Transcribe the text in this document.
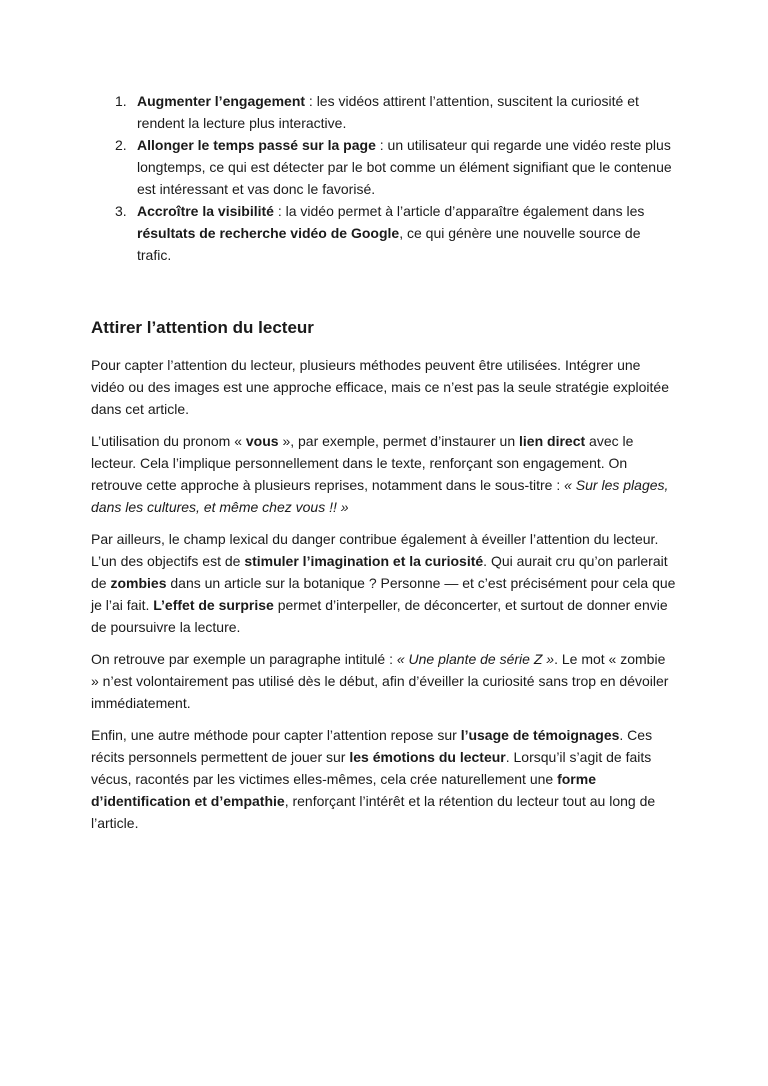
1. Augmenter l’engagement : les vidéos attirent l’attention, suscitent la curiosité et rendent la lecture plus interactive.
2. Allonger le temps passé sur la page : un utilisateur qui regarde une vidéo reste plus longtemps, ce qui est détecter par le bot comme un élément signifiant que le contenue est intéressant et vas donc le favorisé.
3. Accroître la visibilité : la vidéo permet à l’article d’apparaître également dans les résultats de recherche vidéo de Google, ce qui génère une nouvelle source de trafic.
Attirer l’attention du lecteur

Pour capter l’attention du lecteur, plusieurs méthodes peuvent être utilisées. Intégrer une vidéo ou des images est une approche efficace, mais ce n’est pas la seule stratégie exploitée dans cet article.

L’utilisation du pronom « vous », par exemple, permet d’instaurer un lien direct avec le lecteur. Cela l’implique personnellement dans le texte, renforçant son engagement. On retrouve cette approche à plusieurs reprises, notamment dans le sous-titre : « Sur les plages, dans les cultures, et même chez vous !! »

Par ailleurs, le champ lexical du danger contribue également à éveiller l’attention du lecteur. L’un des objectifs est de stimuler l’imagination et la curiosité. Qui aurait cru qu’on parlerait de zombies dans un article sur la botanique ? Personne — et c’est précisément pour cela que je l’ai fait. L’effet de surprise permet d’interpeller, de déconcerter, et surtout de donner envie de poursuivre la lecture.

On retrouve par exemple un paragraphe intitulé : « Une plante de série Z ». Le mot « zombie » n’est volontairement pas utilisé dès le début, afin d’éveiller la curiosité sans trop en dévoiler immédiatement.

Enfin, une autre méthode pour capter l’attention repose sur l’usage de témoignages. Ces récits personnels permettent de jouer sur les émotions du lecteur. Lorsqu’il s’agit de faits vécus, racontés par les victimes elles-mêmes, cela crée naturellement une forme d’identification et d’empathie, renforçant l’intérêt et la rétention du lecteur tout au long de l’article.
